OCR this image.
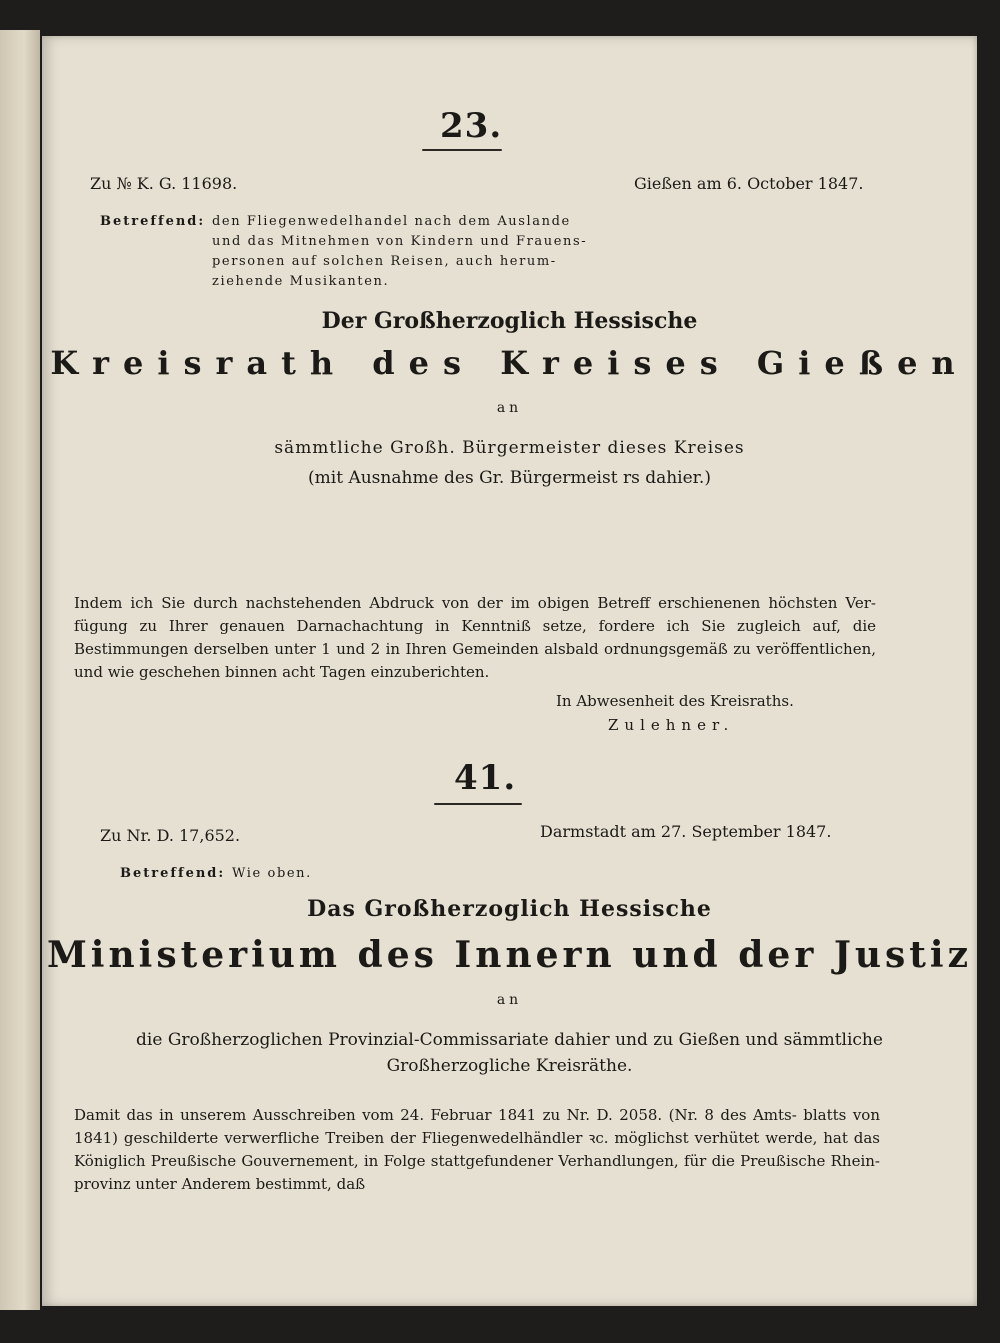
23.
Zu № K. G. 11698.	Gießen am 6. October 1847.
Betreffend: den Fliegenwedelhandel nach dem Auslande
und das Mitnehmen von Kindern und Frauens-
personen auf solchen Reisen, auch herum-
ziehende Musikanten.
Der Großherzoglich Hessische
Kreisrath des Kreises Gießen
an
sämmtliche Großh. Bürgermeister dieses Kreises
(mit Ausnahme des Gr. Bürgermeist rs dahier.)
Indem ich Sie durch nachstehenden Abdruck von der im obigen Betreff erschienenen höchsten Ver- fügung zu Ihrer genauen Darnachachtung in Kenntniß setze, fordere ich Sie zugleich auf, die Bestimmungen derselben unter 1 und 2 in Ihren Gemeinden alsbald ordnungsgemäß zu veröffentlichen, und wie geschehen binnen acht Tagen einzuberichten.
In Abwesenheit des Kreisraths.
Zulehner.
41.
Zu Nr. D. 17,652.	Darmstadt am 27. September 1847.
Betreffend: Wie oben.
Das Großherzoglich Hessische
Ministerium des Innern und der Justiz
an
die Großherzoglichen Provinzial-Commissariate dahier und zu Gießen und sämmtliche
Großherzogliche Kreisräthe.
Damit das in unserem Ausschreiben vom 24. Februar 1841 zu Nr. D. 2058. (Nr. 8 des Amts- blatts von 1841) geschilderte verwerfliche Treiben der Fliegenwedelhändler ꝛc. möglichst verhütet werde, hat das Königlich Preußische Gouvernement, in Folge stattgefundener Verhandlungen, für die Preußische Rhein- provinz unter Anderem bestimmt, daß
